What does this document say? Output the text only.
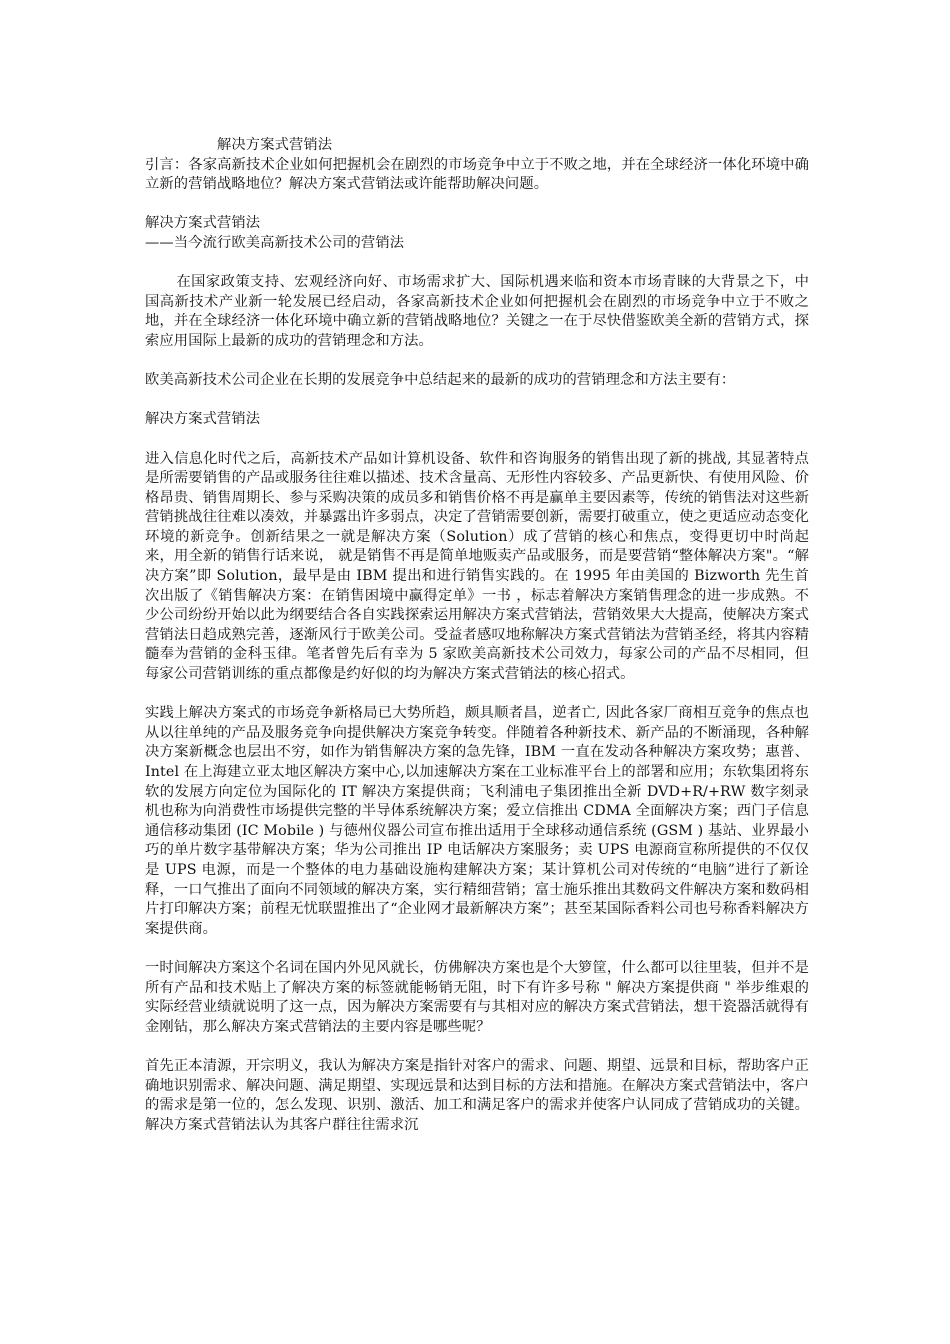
解决方案式营销法

引言：各家高新技术企业如何把握机会在剧烈的市场竞争中立于不败之地，并在全球经济一体化环境中确立新的营销战略地位？解决方案式营销法或许能帮助解决问题。

解决方案式营销法

——当今流行欧美高新技术公司的营销法

在国家政策支持、宏观经济向好、市场需求扩大、国际机遇来临和资本市场青睐的大背景之下，中国高新技术产业新一轮发展已经启动，各家高新技术企业如何把握机会在剧烈的市场竞争中立于不败之地，并在全球经济一体化环境中确立新的营销战略地位？关键之一在于尽快借鉴欧美全新的营销方式，探索应用国际上最新的成功的营销理念和方法。

欧美高新技术公司企业在长期的发展竞争中总结起来的最新的成功的营销理念和方法主要有：

解决方案式营销法

进入信息化时代之后，高新技术产品如计算机设备、软件和咨询服务的销售出现了新的挑战, 其显著特点是所需要销售的产品或服务往往难以描述、技术含量高、无形性内容较多、产品更新快、有使用风险、价格昂贵、销售周期长、参与采购决策的成员多和销售价格不再是赢单主要因素等，传统的销售法对这些新营销挑战往往难以凑效，并暴露出许多弱点，决定了营销需要创新，需要打破重立，使之更适应动态变化环境的新竞争。创新结果之一就是解决方案（Solution）成了营销的核心和焦点，变得更切中时尚起来，用全新的销售行话来说， 就是销售不再是简单地贩卖产品或服务，而是要营销“整体解决方案"。“解决方案”即 Solution，最早是由 IBM 提出和进行销售实践的。在 1995 年由美国的 Bizworth 先生首次出版了《销售解决方案：在销售困境中赢得定单》一书 ，标志着解决方案销售理念的进一步成熟。不少公司纷纷开始以此为纲要结合各自实践探索运用解决方案式营销法，营销效果大大提高，使解决方案式营销法日趋成熟完善，逐渐风行于欧美公司。受益者感叹地称解决方案式营销法为营销圣经，将其内容精髓奉为营销的金科玉律。笔者曾先后有幸为 5 家欧美高新技术公司效力，每家公司的产品不尽相同，但每家公司营销训练的重点都像是约好似的均为解决方案式营销法的核心招式。

实践上解决方案式的市场竞争新格局已大势所趋，颇具顺者昌，逆者亡, 因此各家厂商相互竞争的焦点也从以往单纯的产品及服务竞争向提供解决方案竞争转变。伴随着各种新技术、新产品的不断涌现，各种解决方案新概念也层出不穷，如作为销售解决方案的急先锋，IBM 一直在发动各种解决方案攻势；惠普、Intel 在上海建立亚太地区解决方案中心,以加速解决方案在工业标准平台上的部署和应用；东软集团将东软的发展方向定位为国际化的 IT 解决方案提供商；飞利浦电子集团推出全新 DVD+R/+RW 数字刻录机也称为向消费性市场提供完整的半导体系统解决方案；爱立信推出 CDMA 全面解决方案；西门子信息通信移动集团 (IC Mobile ) 与德州仪器公司宣布推出适用于全球移动通信系统 (GSM ) 基站、业界最小巧的单片数字基带解决方案；华为公司推出 IP 电话解决方案服务；卖 UPS 电源商宣称所提供的不仅仅是 UPS 电源，而是一个整体的电力基础设施构建解决方案；某计算机公司对传统的“电脑”进行了新诠释，一口气推出了面向不同领域的解决方案，实行精细营销；富士施乐推出其数码文件解决方案和数码相片打印解决方案；前程无忧联盟推出了“企业网才最新解决方案”；甚至某国际香料公司也号称香料解决方案提供商。

一时间解决方案这个名词在国内外见风就长，仿佛解决方案也是个大箩筐，什么都可以往里装，但并不是所有产品和技术贴上了解决方案的标签就能畅销无阻，时下有许多号称 " 解决方案提供商 " 举步维艰的实际经营业绩就说明了这一点，因为解决方案需要有与其相对应的解决方案式营销法，想干瓷器活就得有金刚钻，那么解决方案式营销法的主要内容是哪些呢？

首先正本清源，开宗明义，我认为解决方案是指针对客户的需求、问题、期望、远景和目标，帮助客户正确地识别需求、解决问题、满足期望、实现远景和达到目标的方法和措施。在解决方案式营销法中，客户的需求是第一位的，怎么发现、识别、激活、加工和满足客户的需求并使客户认同成了营销成功的关键。解决方案式营销法认为其客户群往往需求沉
